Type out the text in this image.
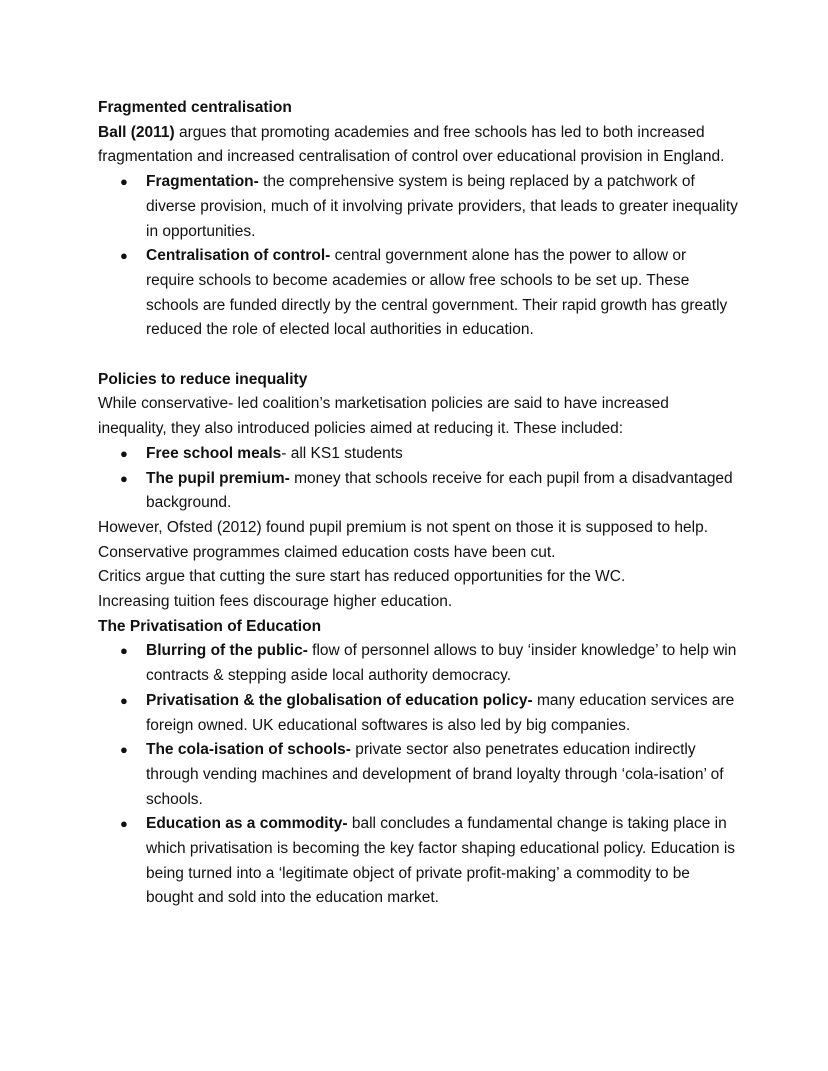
Fragmented centralisation

Ball (2011) argues that promoting academies and free schools has led to both increased fragmentation and increased centralisation of control over educational provision in England.

● Fragmentation- the comprehensive system is being replaced by a patchwork of diverse provision, much of it involving private providers, that leads to greater inequality in opportunities.
● Centralisation of control- central government alone has the power to allow or require schools to become academies or allow free schools to be set up. These schools are funded directly by the central government. Their rapid growth has greatly reduced the role of elected local authorities in education.

Policies to reduce inequality

While conservative- led coalition’s marketisation policies are said to have increased inequality, they also introduced policies aimed at reducing it. These included:

● Free school meals- all KS1 students
● The pupil premium- money that schools receive for each pupil from a disadvantaged background.

However, Ofsted (2012) found pupil premium is not spent on those it is supposed to help.

Conservative programmes claimed education costs have been cut.

Critics argue that cutting the sure start has reduced opportunities for the WC.

Increasing tuition fees discourage higher education.

The Privatisation of Education

● Blurring of the public- flow of personnel allows to buy ‘insider knowledge’ to help win contracts & stepping aside local authority democracy.
● Privatisation & the globalisation of education policy- many education services are foreign owned. UK educational softwares is also led by big companies.
● The cola-isation of schools- private sector also penetrates education indirectly through vending machines and development of brand loyalty through ‘cola-isation’ of schools.
● Education as a commodity- ball concludes a fundamental change is taking place in which privatisation is becoming the key factor shaping educational policy. Education is being turned into a ‘legitimate object of private profit-making’ a commodity to be bought and sold into the education market.
